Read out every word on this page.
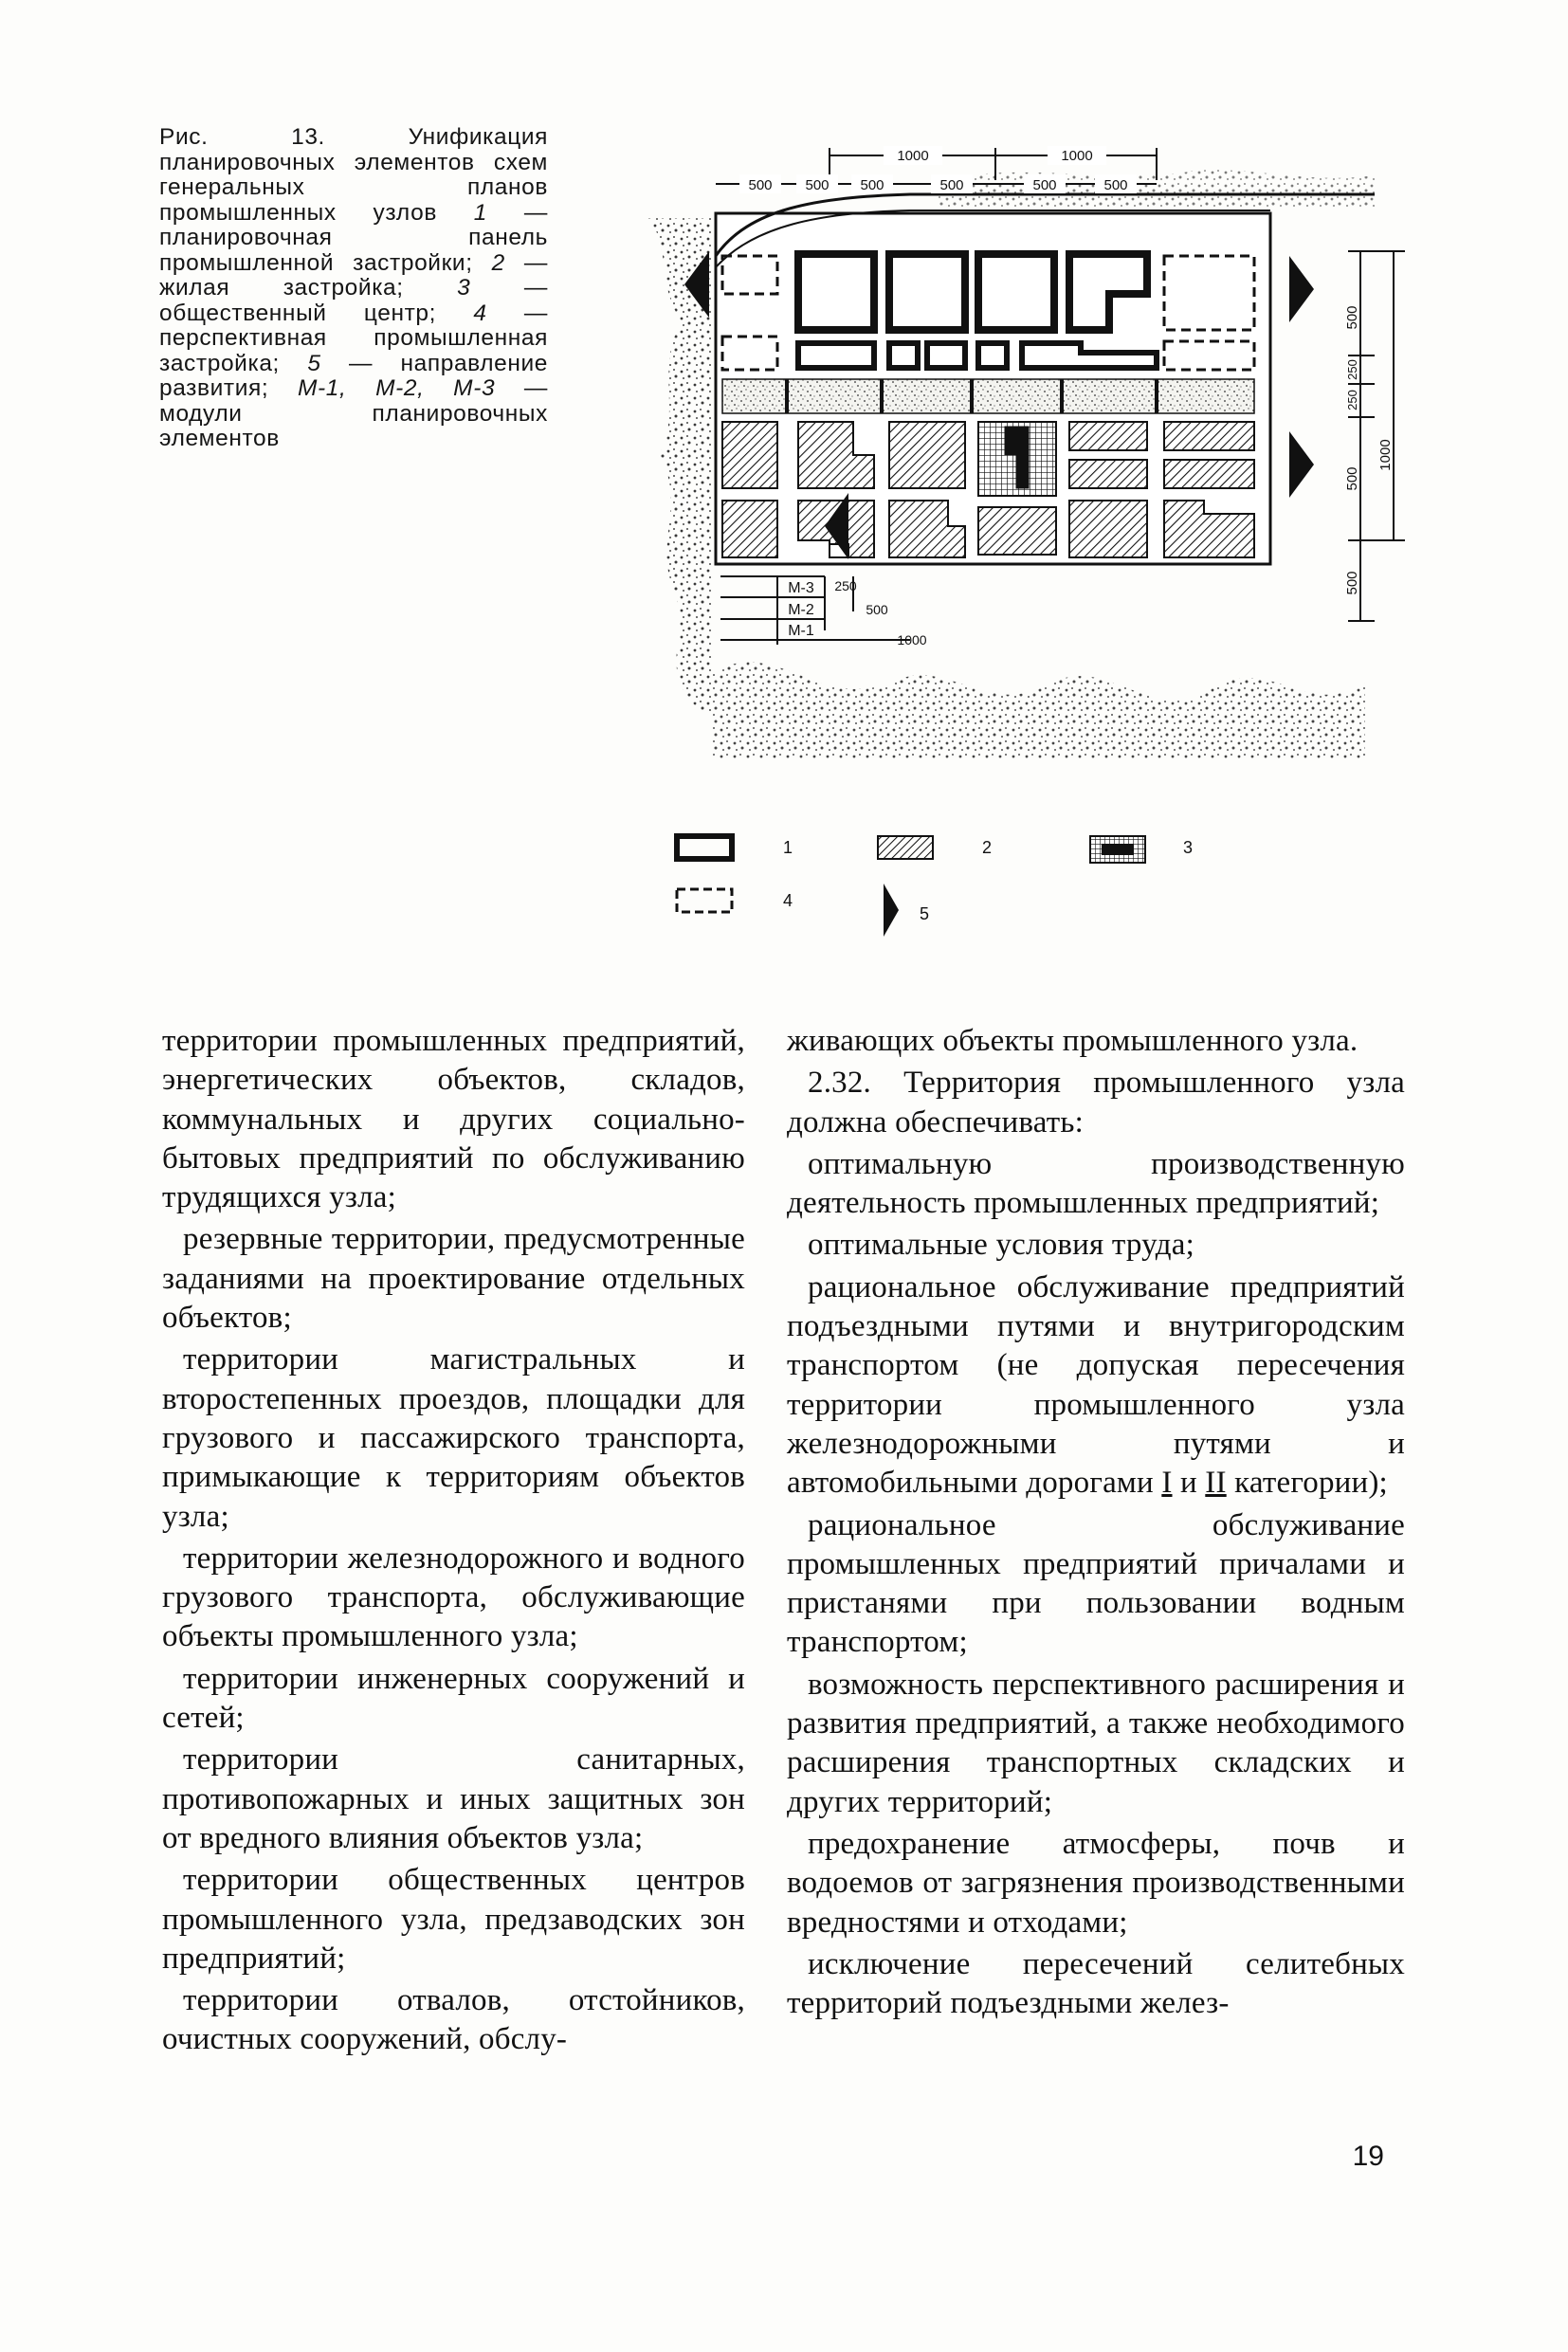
Рис. 13.	Унификация планировочных элементов схем генеральных планов промышленных узлов 1 — планировочная панель промышленной застройки; 2 — жилая застройка; 3 — общественный центр; 4 — перспективная промышленная застройка; 5 — направление развития; М-1, М-2, М-3 — модули планировочных элементов

1000	1000
500 500 500	500	500	500
500
250
250
1000
500
500
М-3
М-2
М-1
250
500
1000
1	2	3
4
5

территории промышленных предприятий, энергетических объектов, складов, коммунальных и других социально-бытовых предприятий по обслуживанию трудящихся узла;

резервные территории, предусмотренные заданиями на проектирование отдельных объектов;

территории магистральных и второстепенных проездов, площадки для грузового и пассажирского транспорта, примыкающие к территориям объектов узла;

территории железнодорожного и водного грузового транспорта, обслуживающие объекты промышленного узла;

территории инженерных сооружений и сетей;

территории санитарных, противопожарных и иных защитных зон от вредного влияния объектов узла;

территории общественных центров промышленного узла, предзаводских зон предприятий;

территории отвалов, отстойников, очистных сооружений, обслу-

живающих объекты промышленного узла.

2.32. Территория промышленного узла должна обеспечивать:

оптимальную производственную деятельность промышленных предприятий;

оптимальные условия труда;

рациональное обслуживание предприятий подъездными путями и внутригородским транспортом (не допуская пересечения территории промышленного узла железнодорожными путями и автомобильными дорогами I и II категории);

рациональное обслуживание промышленных предприятий причалами и пристанями при пользовании водным транспортом;

возможность перспективного расширения и развития предприятий, а также необходимого расширения транспортных складских и других территорий;

предохранение атмосферы, почв и водоемов от загрязнения производственными вредностями и отходами;

исключение пересечений селитебных территорий подъездными желез-

19
